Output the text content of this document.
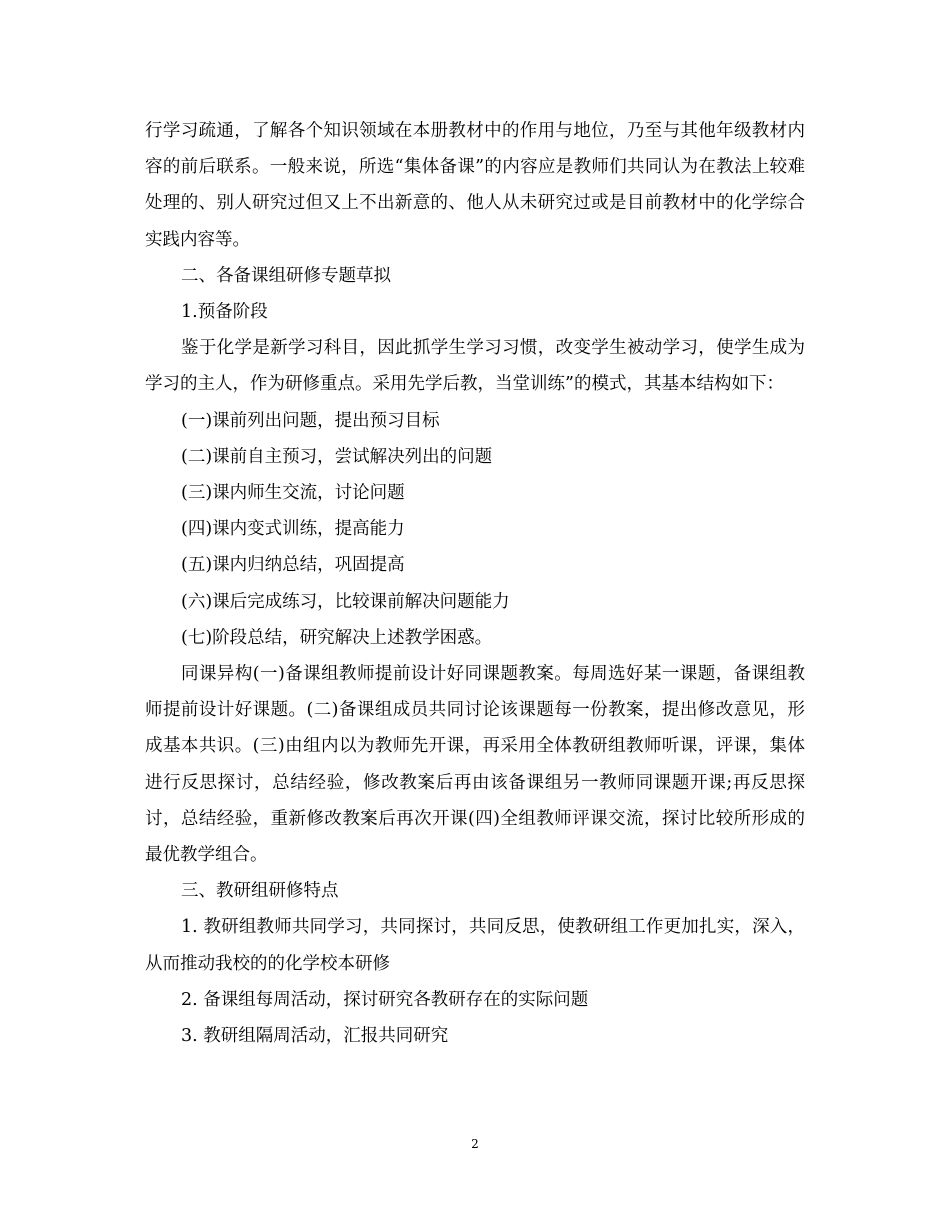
行学习疏通，了解各个知识领域在本册教材中的作用与地位，乃至与其他年级教材内容的前后联系。一般来说，所选“集体备课”的内容应是教师们共同认为在教法上较难处理的、别人研究过但又上不出新意的、他人从未研究过或是目前教材中的化学综合实践内容等。

二、各备课组研修专题草拟

1.预备阶段

鉴于化学是新学习科目，因此抓学生学习习惯，改变学生被动学习，使学生成为学习的主人，作为研修重点。采用先学后教，当堂训练”的模式，其基本结构如下：

(一)课前列出问题，提出预习目标

(二)课前自主预习，尝试解决列出的问题

(三)课内师生交流，讨论问题

(四)课内变式训练，提高能力

(五)课内归纳总结，巩固提高

(六)课后完成练习，比较课前解决问题能力

(七)阶段总结，研究解决上述教学困惑。

同课异构(一)备课组教师提前设计好同课题教案。每周选好某一课题，备课组教师提前设计好课题。(二)备课组成员共同讨论该课题每一份教案，提出修改意见，形成基本共识。(三)由组内以为教师先开课，再采用全体教研组教师听课，评课，集体进行反思探讨，总结经验，修改教案后再由该备课组另一教师同课题开课;再反思探讨，总结经验，重新修改教案后再次开课(四)全组教师评课交流，探讨比较所形成的最优教学组合。

三、教研组研修特点

1. 教研组教师共同学习，共同探讨，共同反思，使教研组工作更加扎实，深入，从而推动我校的的化学校本研修

2. 备课组每周活动，探讨研究各教研存在的实际问题

3. 教研组隔周活动，汇报共同研究

2
